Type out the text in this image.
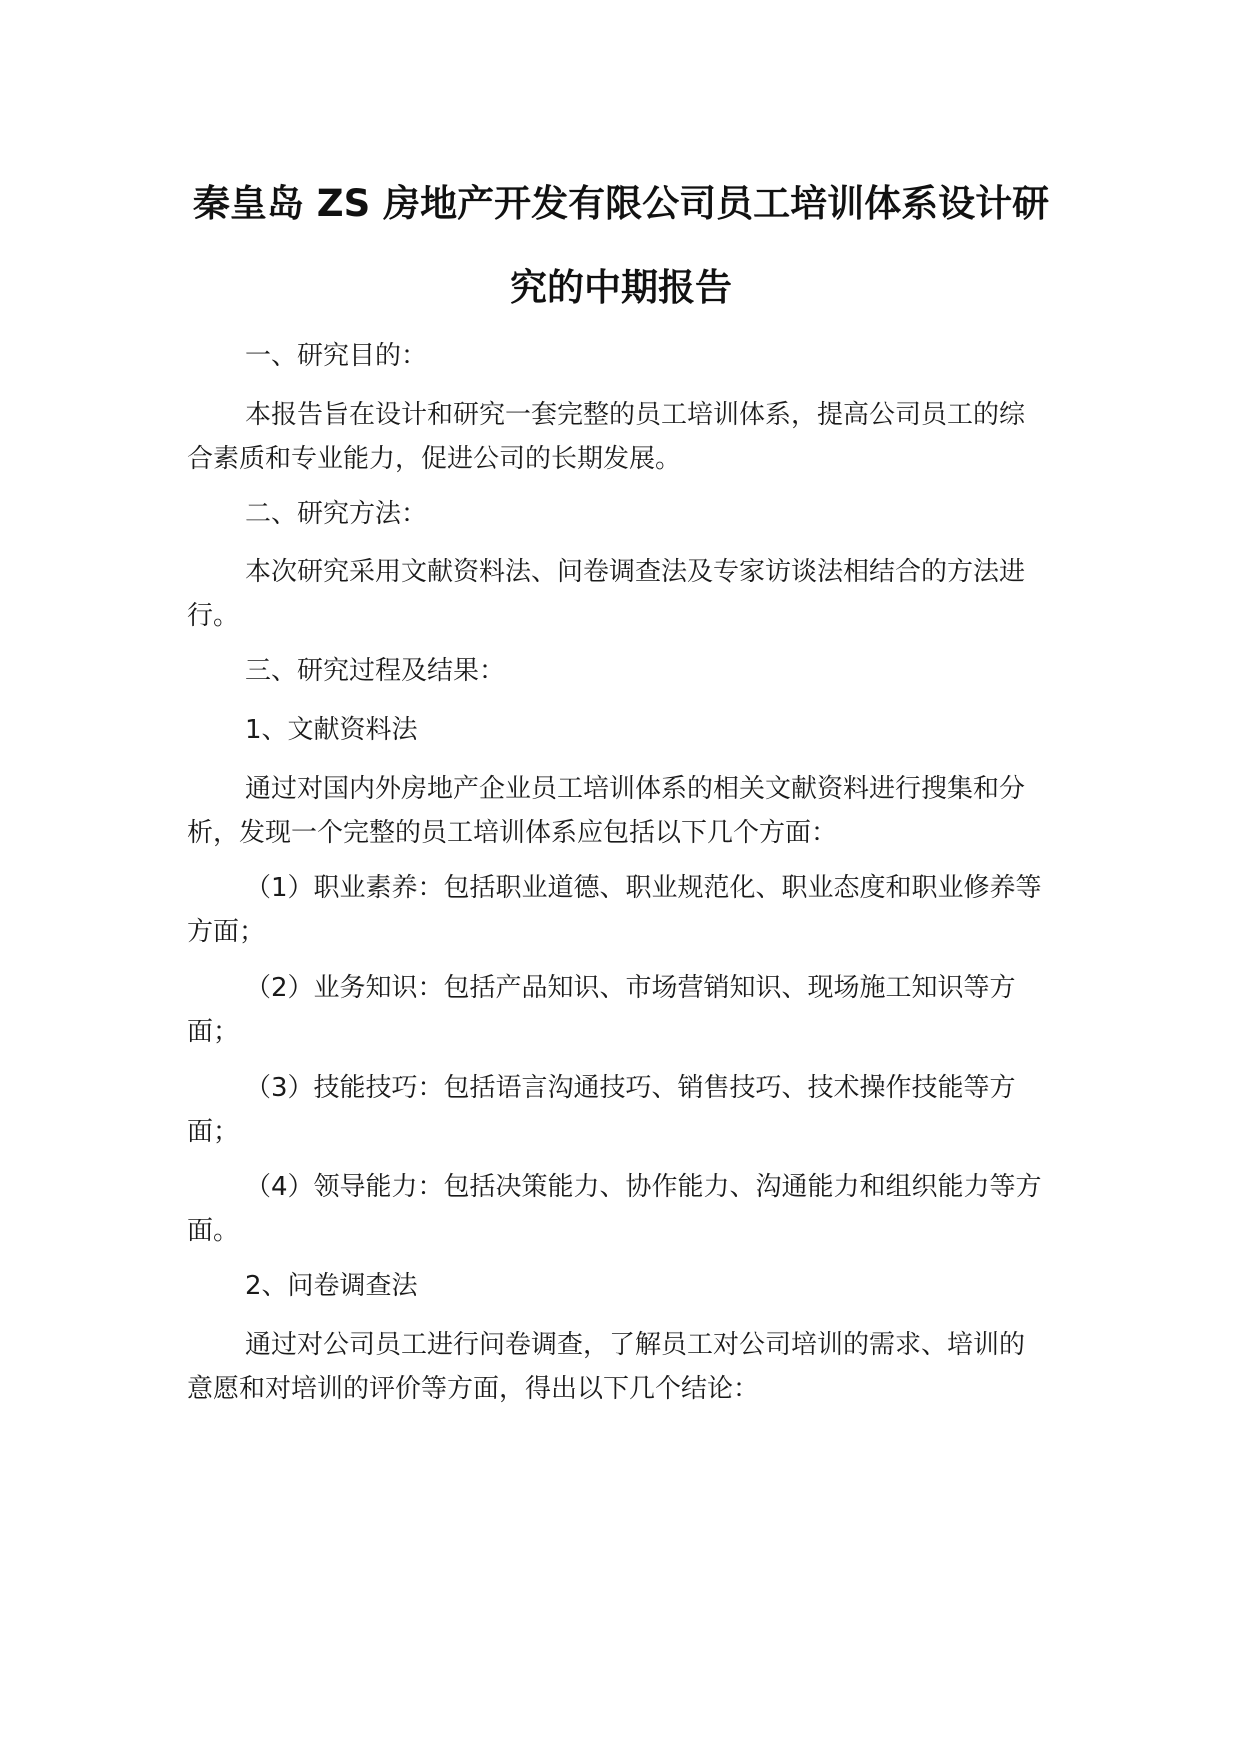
秦皇岛 ZS 房地产开发有限公司员工培训体系设计研
究的中期报告

一、研究目的：

本报告旨在设计和研究一套完整的员工培训体系，提高公司员工的综合素质和专业能力，促进公司的长期发展。

二、研究方法：

本次研究采用文献资料法、问卷调查法及专家访谈法相结合的方法进行。

三、研究过程及结果：

1、文献资料法

通过对国内外房地产企业员工培训体系的相关文献资料进行搜集和分析，发现一个完整的员工培训体系应包括以下几个方面：

（1）职业素养：包括职业道德、职业规范化、职业态度和职业修养等方面；

（2）业务知识：包括产品知识、市场营销知识、现场施工知识等方面；

（3）技能技巧：包括语言沟通技巧、销售技巧、技术操作技能等方面；

（4）领导能力：包括决策能力、协作能力、沟通能力和组织能力等方面。

2、问卷调查法

通过对公司员工进行问卷调查，了解员工对公司培训的需求、培训的意愿和对培训的评价等方面，得出以下几个结论：
